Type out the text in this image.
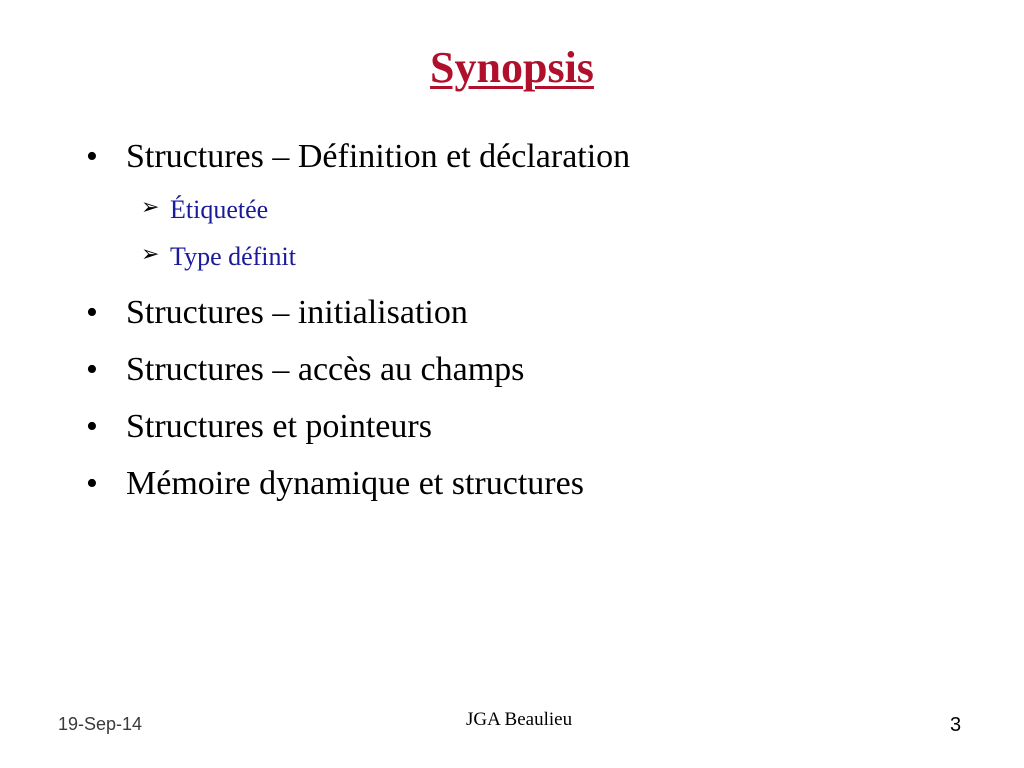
Synopsis
• Structures – Définition et déclaration
➢ Étiquetée
➢ Type définit
• Structures – initialisation
• Structures – accès au champs
• Structures et pointeurs
• Mémoire dynamique et structures
19-Sep-14	JGA Beaulieu	3
